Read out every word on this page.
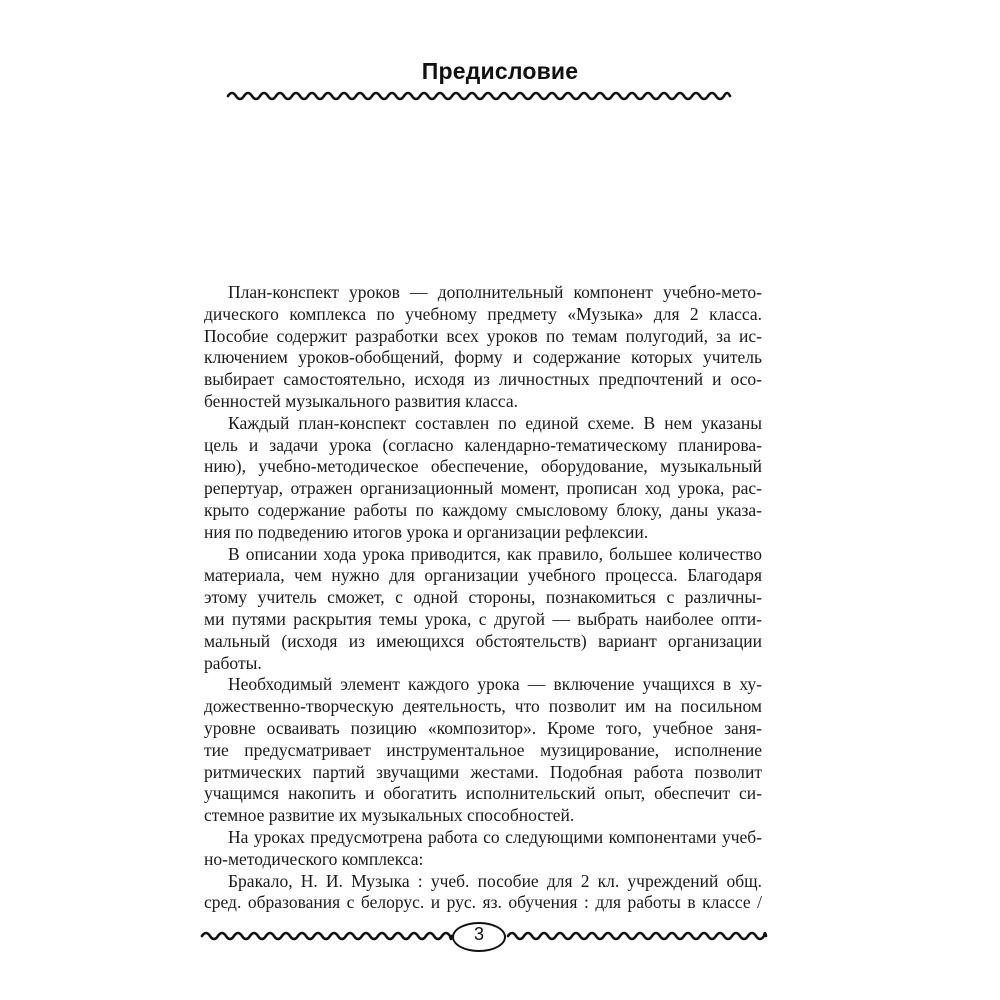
Предисловие
План-конспект уроков — дополнительный компонент учебно-мето-
дического комплекса по учебному предмету «Музыка» для 2 класса.
Пособие содержит разработки всех уроков по темам полугодий, за ис-
ключением уроков-обобщений, форму и содержание которых учитель
выбирает самостоятельно, исходя из личностных предпочтений и осо-
бенностей музыкального развития класса.
Каждый план-конспект составлен по единой схеме. В нем указаны
цель и задачи урока (согласно календарно-тематическому планирова-
нию), учебно-методическое обеспечение, оборудование, музыкальный
репертуар, отражен организационный момент, прописан ход урока, рас-
крыто содержание работы по каждому смысловому блоку, даны указа-
ния по подведению итогов урока и организации рефлексии.
В описании хода урока приводится, как правило, большее количество
материала, чем нужно для организации учебного процесса. Благодаря
этому учитель сможет, с одной стороны, познакомиться с различны-
ми путями раскрытия темы урока, с другой — выбрать наиболее опти-
мальный (исходя из имеющихся обстоятельств) вариант организации
работы.
Необходимый элемент каждого урока — включение учащихся в ху-
дожественно-творческую деятельность, что позволит им на посильном
уровне осваивать позицию «композитор». Кроме того, учебное заня-
тие предусматривает инструментальное музицирование, исполнение
ритмических партий звучащими жестами. Подобная работа позволит
учащимся накопить и обогатить исполнительский опыт, обеспечит си-
стемное развитие их музыкальных способностей.
На уроках предусмотрена работа со следующими компонентами учеб-
но-методического комплекса:
Бракало, Н. И. Музыка : учеб. пособие для 2 кл. учреждений общ.
сред. образования с белорус. и рус. яз. обучения : для работы в классе /
3
